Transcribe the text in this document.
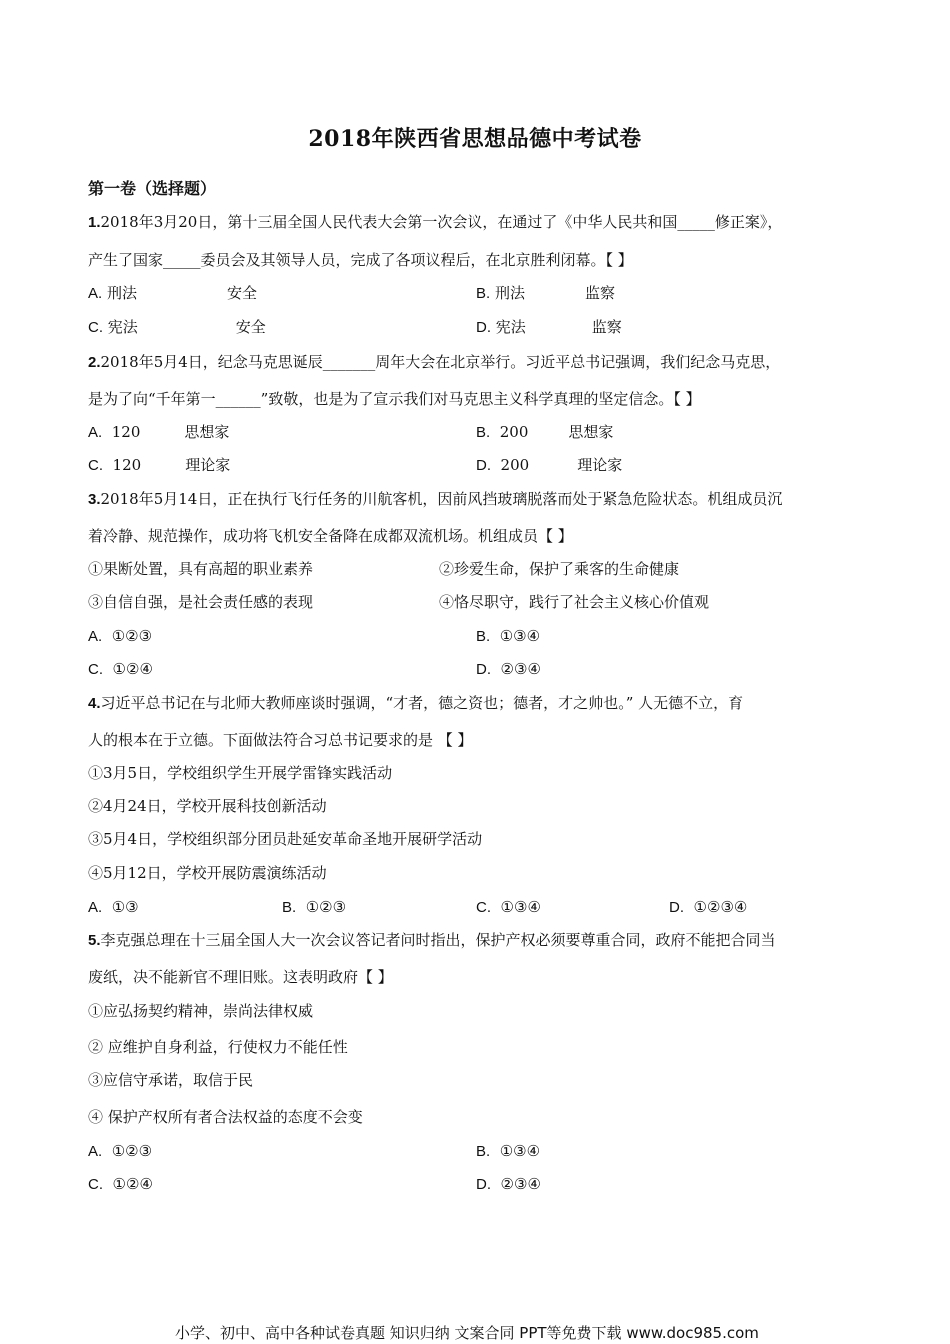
2018年陕西省思想品德中考试卷
第一卷（选择题）
1.2018年3月20日，第十三届全国人民代表大会第一次会议，在通过了《中华人民共和国_____修正案》，
产生了国家_____委员会及其领导人员，完成了各项议程后，在北京胜利闭幕。【 】
A. 刑法	安全	B. 刑法	监察
C. 宪法	安全	D. 宪法	监察
2.2018年5月4日，纪念马克思诞辰_______周年大会在北京举行。习近平总书记强调，我们纪念马克思，
是为了向“千年第一______”致敬，也是为了宣示我们对马克思主义科学真理的坚定信念。【 】
A. 120	思想家	B. 200	思想家
C. 120	理论家	D. 200	理论家
3.2018年5月14日，正在执行飞行任务的川航客机，因前风挡玻璃脱落而处于紧急危险状态。机组成员沉
着冷静、规范操作，成功将飞机安全备降在成都双流机场。机组成员【 】
①果断处置，具有高超的职业素养	②珍爱生命，保护了乘客的生命健康
③自信自强，是社会责任感的表现	④恪尽职守，践行了社会主义核心价值观
A. ①②③	B. ①③④
C. ①②④	D. ②③④
4.习近平总书记在与北师大教师座谈时强调，“才者，德之资也；德者，才之帅也。” 人无德不立，育
人的根本在于立德。下面做法符合习总书记要求的是 【 】
①3月5日，学校组织学生开展学雷锋实践活动
②4月24日，学校开展科技创新活动
③5月4日，学校组织部分团员赴延安革命圣地开展研学活动
④5月12日，学校开展防震演练活动
A. ①③	B. ①②③	C. ①③④	D. ①②③④
5.李克强总理在十三届全国人大一次会议答记者问时指出，保护产权必须要尊重合同，政府不能把合同当
废纸，决不能新官不理旧账。这表明政府【 】
①应弘扬契约精神，崇尚法律权威
② 应维护自身利益，行使权力不能任性
③应信守承诺，取信于民
④ 保护产权所有者合法权益的态度不会变
A. ①②③	B. ①③④
C. ①②④	D. ②③④
小学、初中、高中各种试卷真题 知识归纳 文案合同 PPT等免费下载 www.doc985.com
